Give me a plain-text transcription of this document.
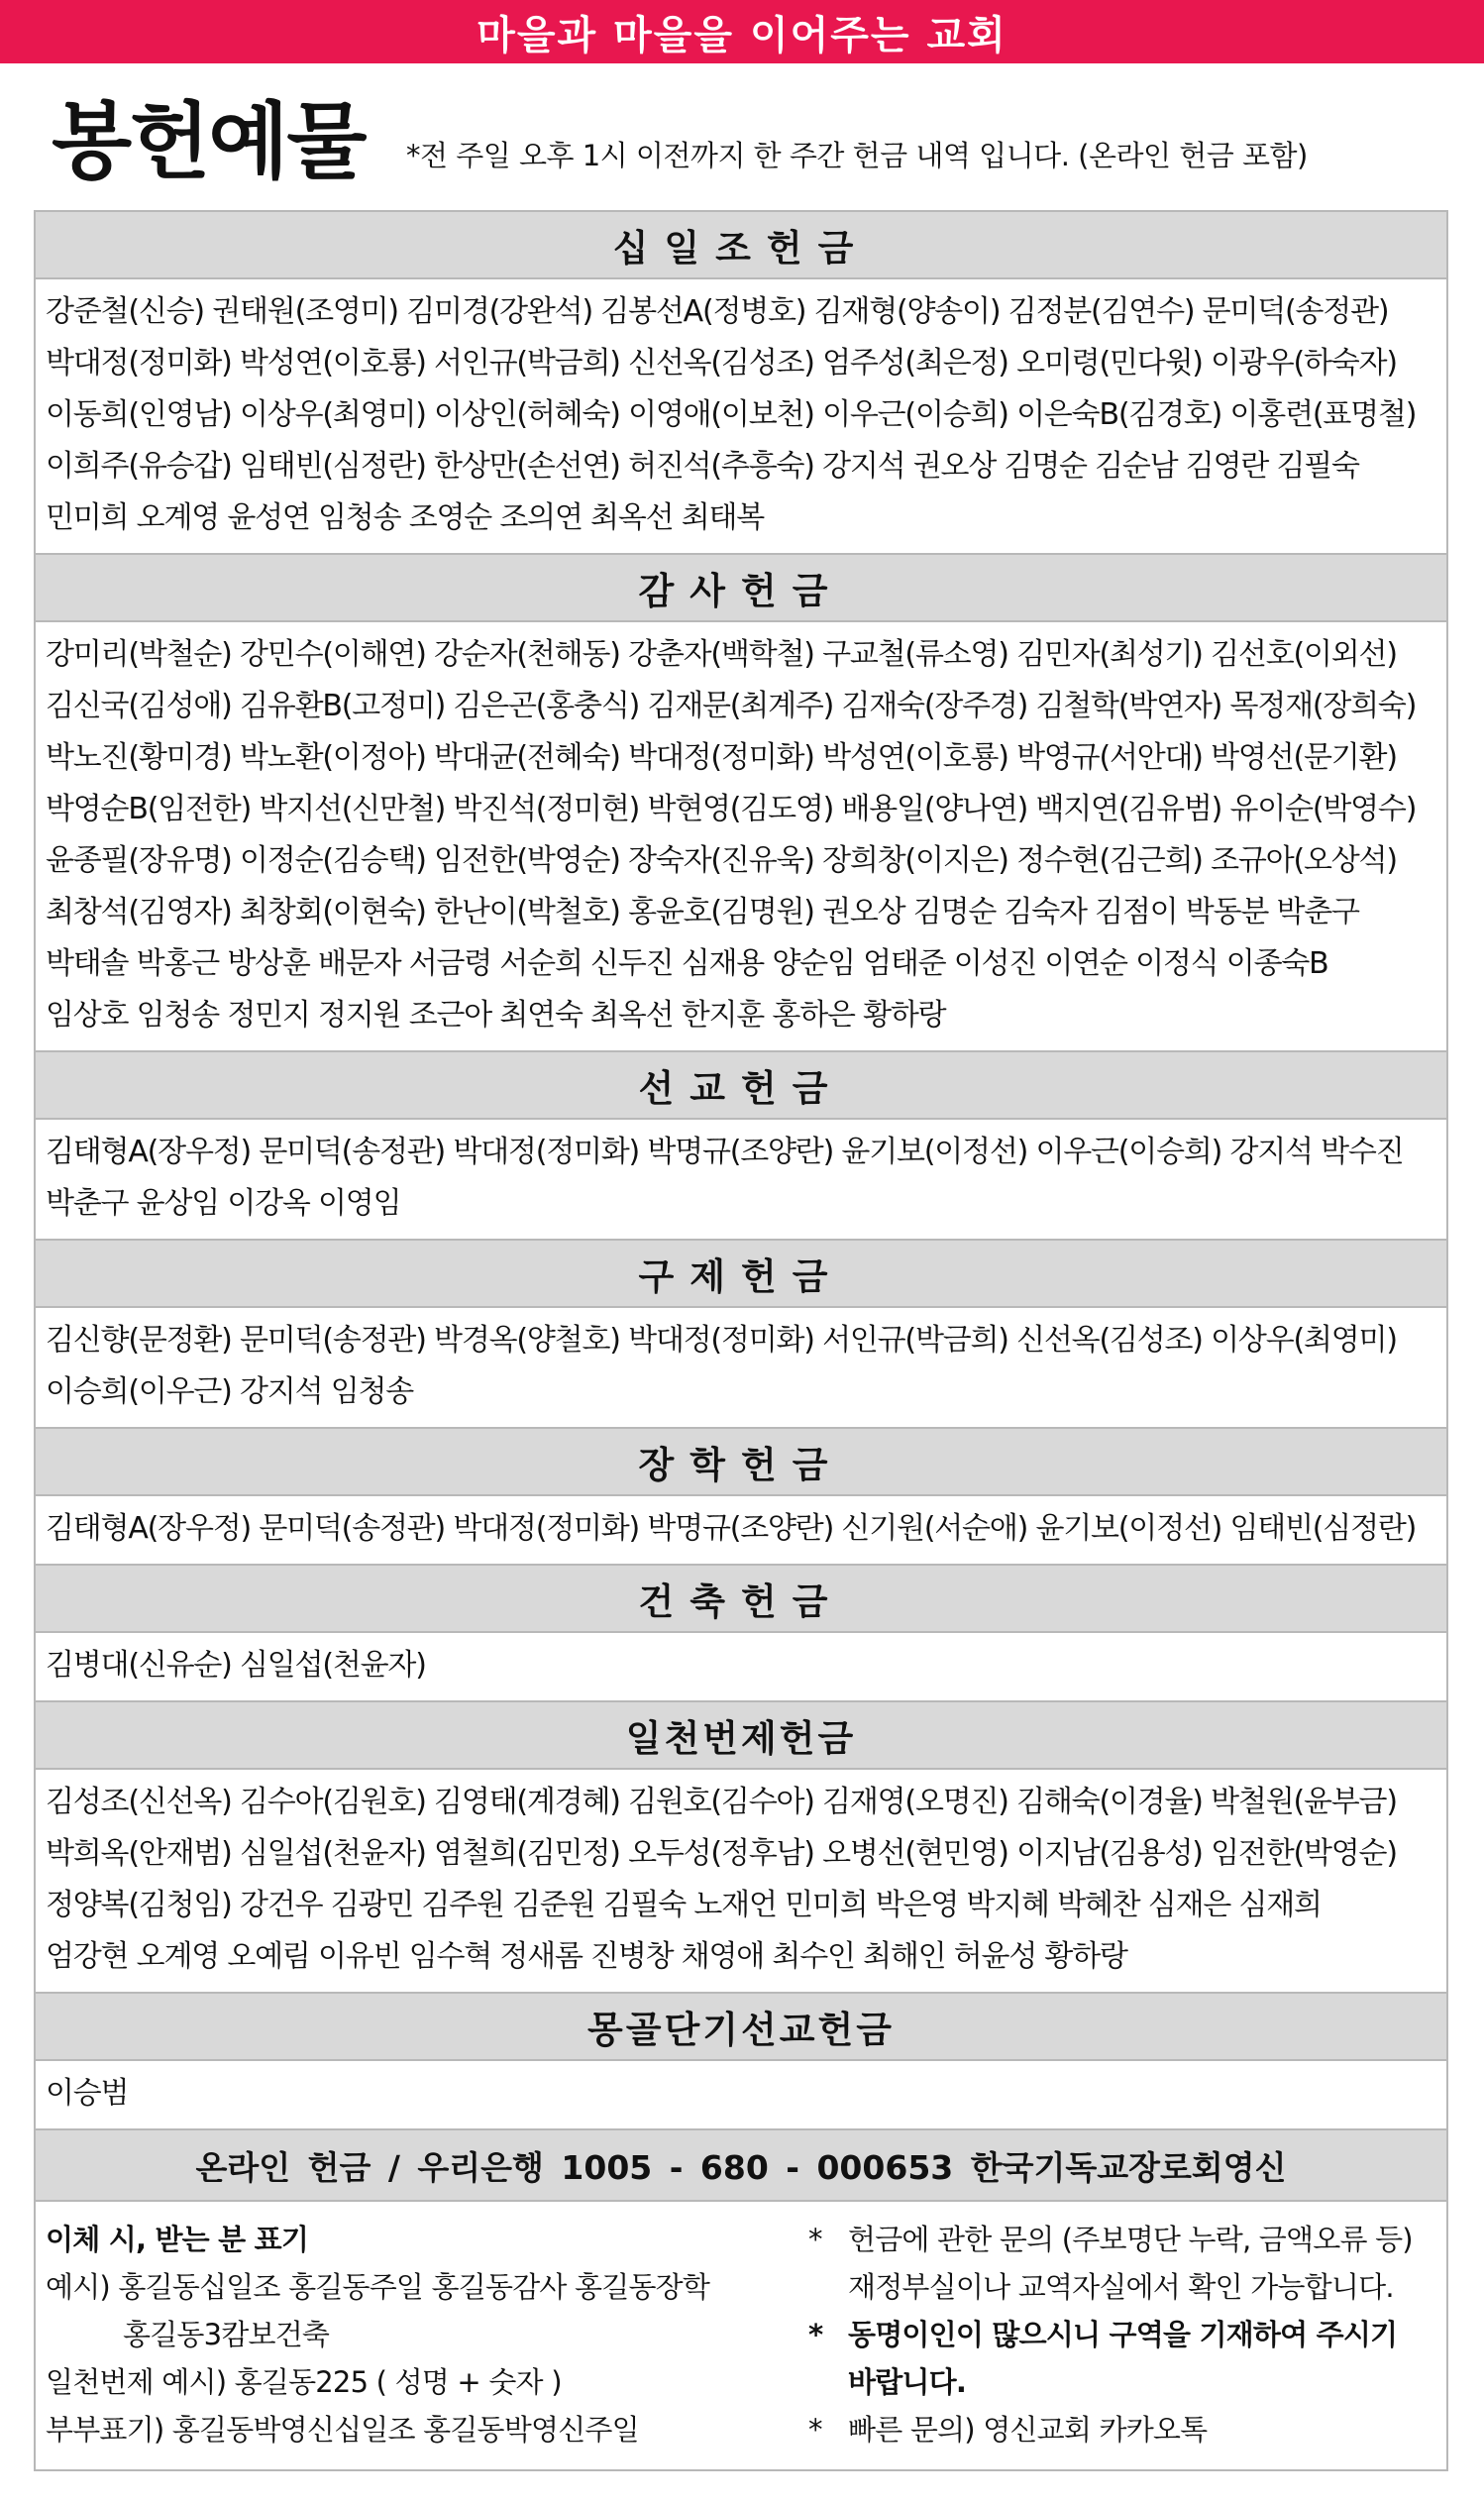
마을과 마을을 이어주는 교회
봉헌예물 *전 주일 오후 1시 이전까지 한 주간 헌금 내역 입니다. (온라인 헌금 포함)
십일조헌금
강준철(신승) 권태원(조영미) 김미경(강완석) 김봉선A(정병호) 김재형(양송이) 김정분(김연수) 문미덕(송정관)
박대정(정미화) 박성연(이호룡) 서인규(박금희) 신선옥(김성조) 엄주성(최은정) 오미령(민다윗) 이광우(하숙자)
이동희(인영남) 이상우(최영미) 이상인(허혜숙) 이영애(이보천) 이우근(이승희) 이은숙B(김경호) 이홍련(표명철)
이희주(유승갑) 임태빈(심정란) 한상만(손선연) 허진석(추흥숙) 강지석 권오상 김명순 김순남 김영란 김필숙
민미희 오계영 윤성연 임청송 조영순 조의연 최옥선 최태복
감사헌금
강미리(박철순) 강민수(이해연) 강순자(천해동) 강춘자(백학철) 구교철(류소영) 김민자(최성기) 김선호(이외선)
김신국(김성애) 김유환B(고정미) 김은곤(홍충식) 김재문(최계주) 김재숙(장주경) 김철학(박연자) 목정재(장희숙)
박노진(황미경) 박노환(이정아) 박대균(전혜숙) 박대정(정미화) 박성연(이호룡) 박영규(서안대) 박영선(문기환)
박영순B(임전한) 박지선(신만철) 박진석(정미현) 박현영(김도영) 배용일(양나연) 백지연(김유범) 유이순(박영수)
윤종필(장유명) 이정순(김승택) 임전한(박영순) 장숙자(진유욱) 장희창(이지은) 정수현(김근희) 조규아(오상석)
최창석(김영자) 최창회(이현숙) 한난이(박철호) 홍윤호(김명원) 권오상 김명순 김숙자 김점이 박동분 박춘구
박태솔 박홍근 방상훈 배문자 서금령 서순희 신두진 심재용 양순임 엄태준 이성진 이연순 이정식 이종숙B
임상호 임청송 정민지 정지원 조근아 최연숙 최옥선 한지훈 홍하은 황하랑
선교헌금
김태형A(장우정) 문미덕(송정관) 박대정(정미화) 박명규(조양란) 윤기보(이정선) 이우근(이승희) 강지석 박수진
박춘구 윤상임 이강옥 이영임
구제헌금
김신향(문정환) 문미덕(송정관) 박경옥(양철호) 박대정(정미화) 서인규(박금희) 신선옥(김성조) 이상우(최영미)
이승희(이우근) 강지석 임청송
장학헌금
김태형A(장우정) 문미덕(송정관) 박대정(정미화) 박명규(조양란) 신기원(서순애) 윤기보(이정선) 임태빈(심정란)
건축헌금
김병대(신유순) 심일섭(천윤자)
일천번제헌금
김성조(신선옥) 김수아(김원호) 김영태(계경혜) 김원호(김수아) 김재영(오명진) 김해숙(이경율) 박철원(윤부금)
박희옥(안재범) 심일섭(천윤자) 염철희(김민정) 오두성(정후남) 오병선(현민영) 이지남(김용성) 임전한(박영순)
정양복(김청임) 강건우 김광민 김주원 김준원 김필숙 노재언 민미희 박은영 박지혜 박혜찬 심재은 심재희
엄강현 오계영 오예림 이유빈 임수혁 정새롬 진병창 채영애 최수인 최해인 허윤성 황하랑
몽골단기선교헌금
이승범
온라인 헌금 / 우리은행 1005 - 680 - 000653 한국기독교장로회영신
이체 시, 받는 분 표기
예시) 홍길동십일조 홍길동주일 홍길동감사 홍길동장학
홍길동3캄보건축
일천번제 예시) 홍길동225 ( 성명 + 숫자 )
부부표기) 홍길동박영신십일조 홍길동박영신주일
* 헌금에 관한 문의 (주보명단 누락, 금액오류 등)
재정부실이나 교역자실에서 확인 가능합니다.
* 동명이인이 많으시니 구역을 기재하여 주시기
바랍니다.
* 빠른 문의) 영신교회 카카오톡
